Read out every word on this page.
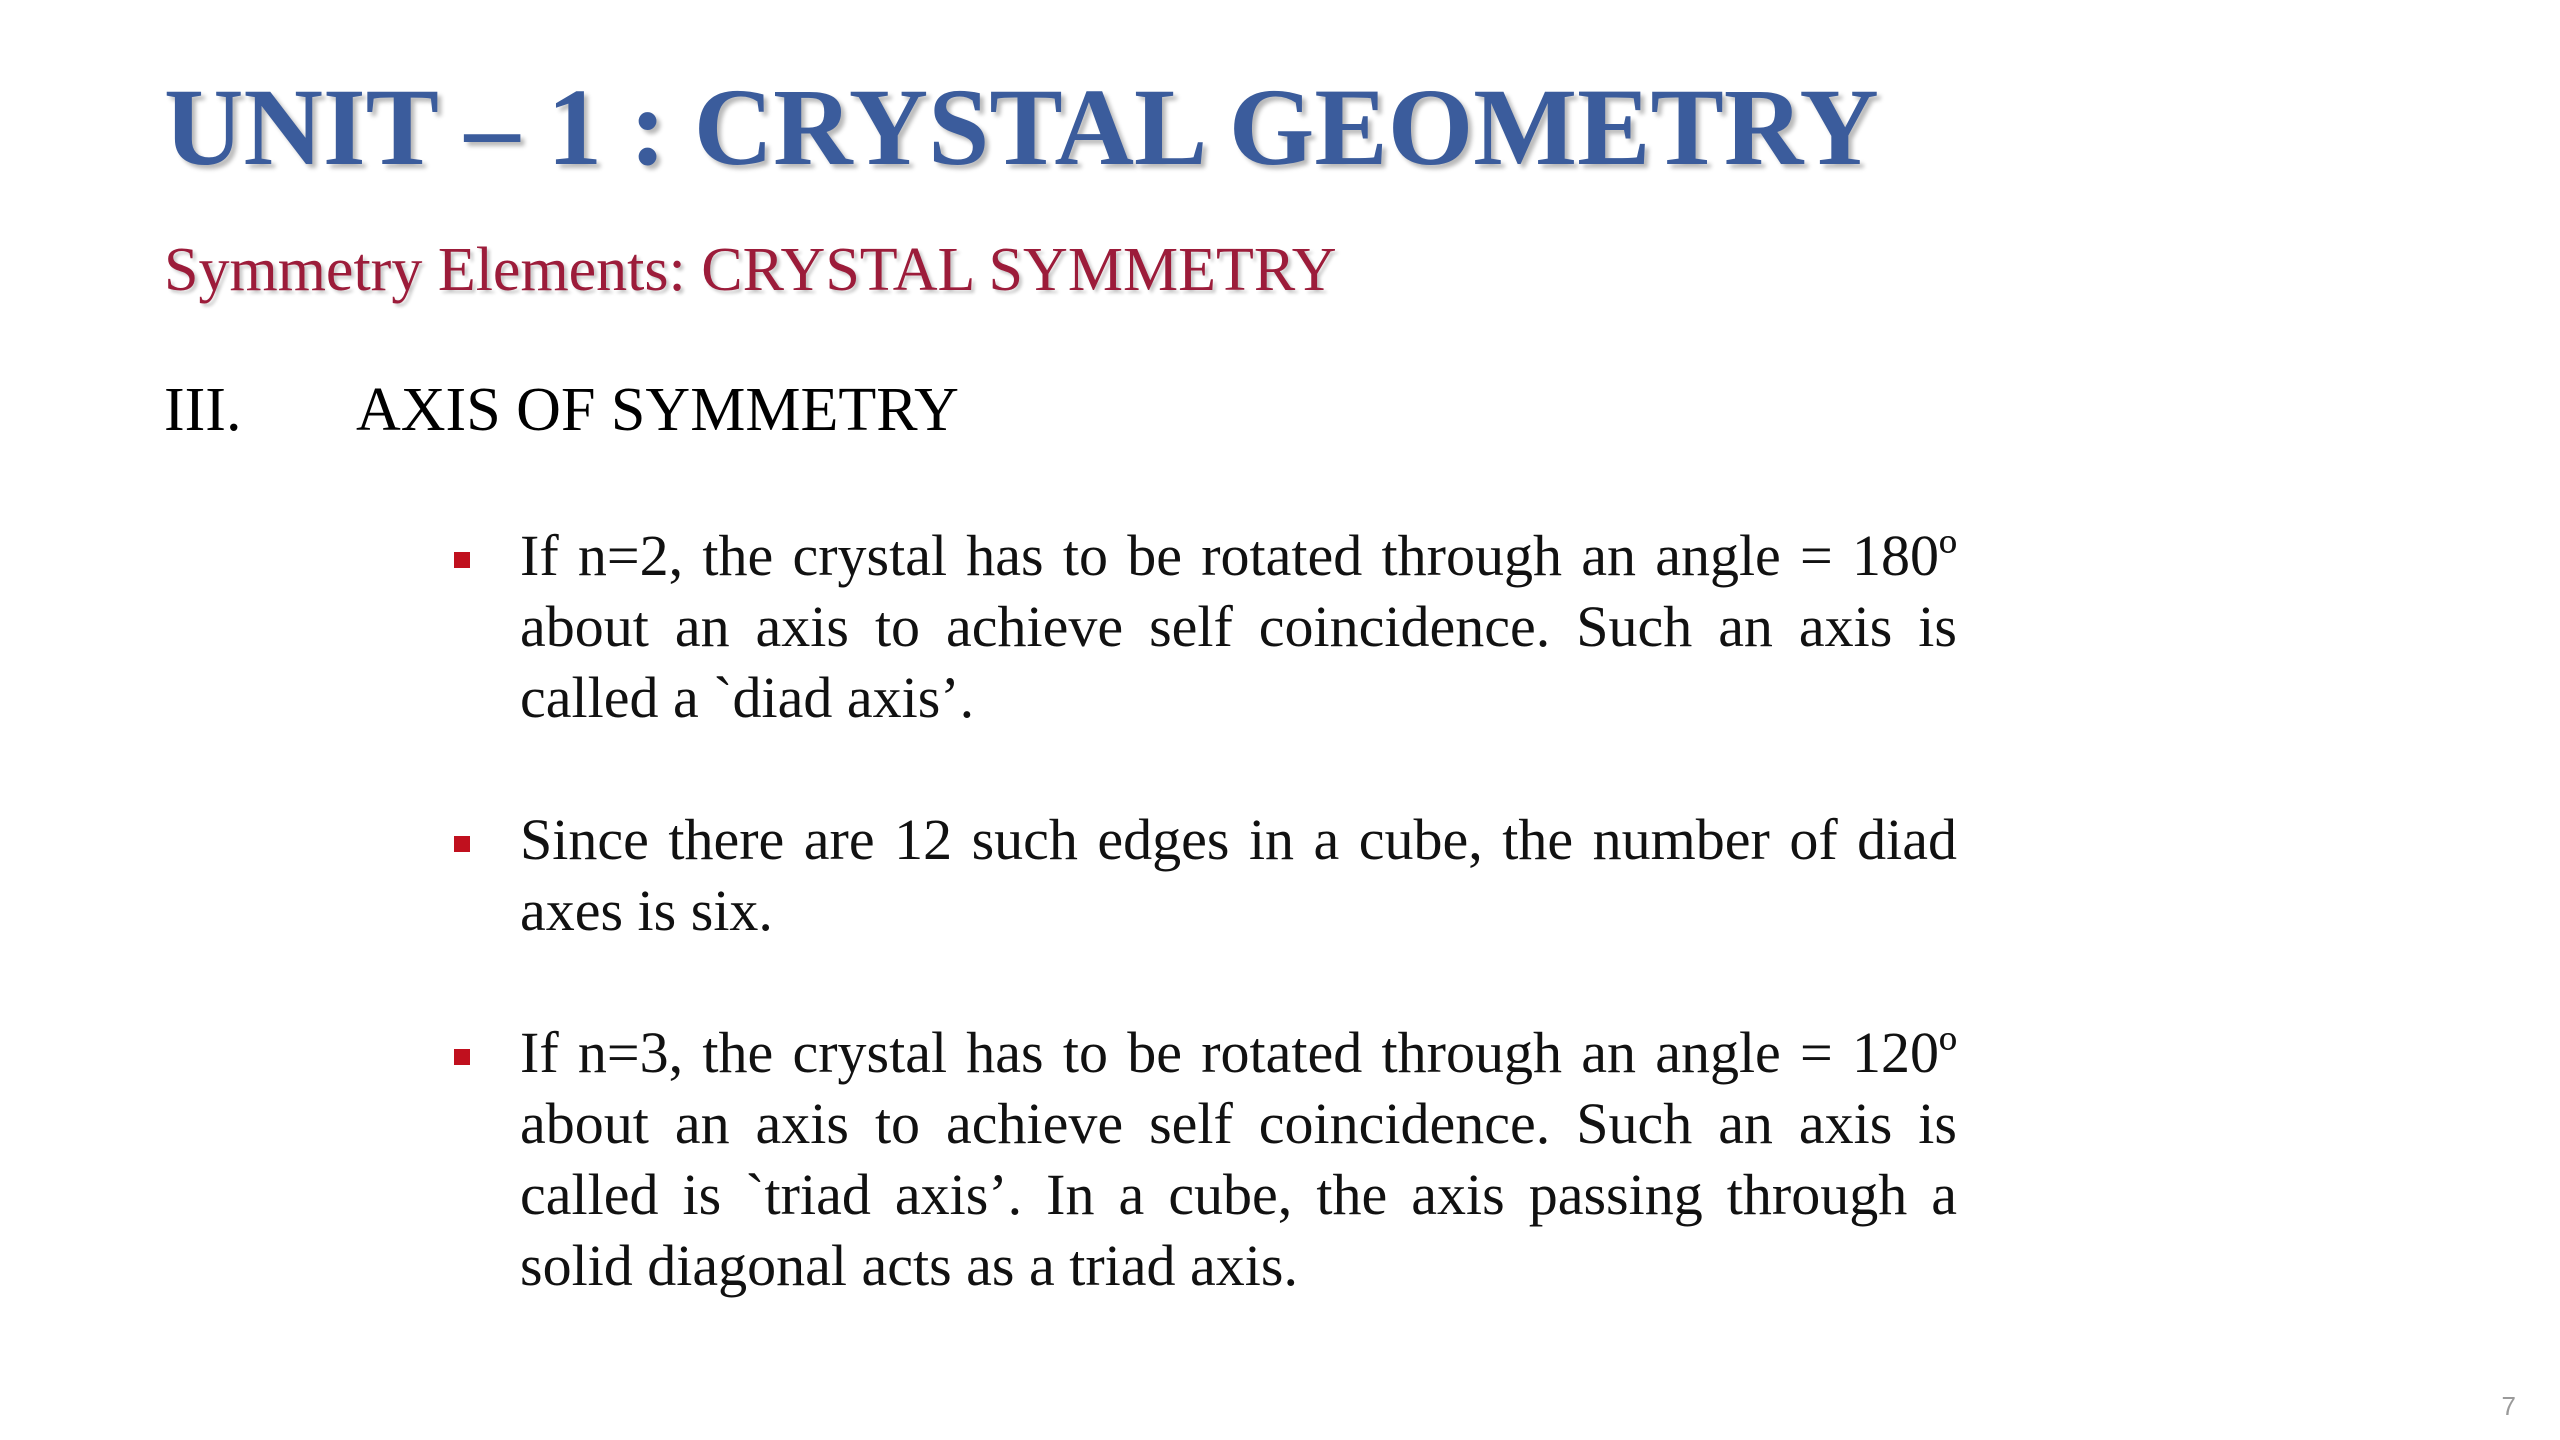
UNIT – 1 : CRYSTAL GEOMETRY
Symmetry Elements: CRYSTAL SYMMETRY
III. AXIS OF SYMMETRY
If n=2, the crystal has to be rotated through an angle = 180º about an axis to achieve self coincidence. Such an axis is called a `diad axis’.
Since there are 12 such edges in a cube, the number of diad axes is six.
If n=3, the crystal has to be rotated through an angle = 120º about an axis to achieve self coincidence. Such an axis is called is `triad axis’. In a cube, the axis passing through a solid diagonal acts as a triad axis.
7
